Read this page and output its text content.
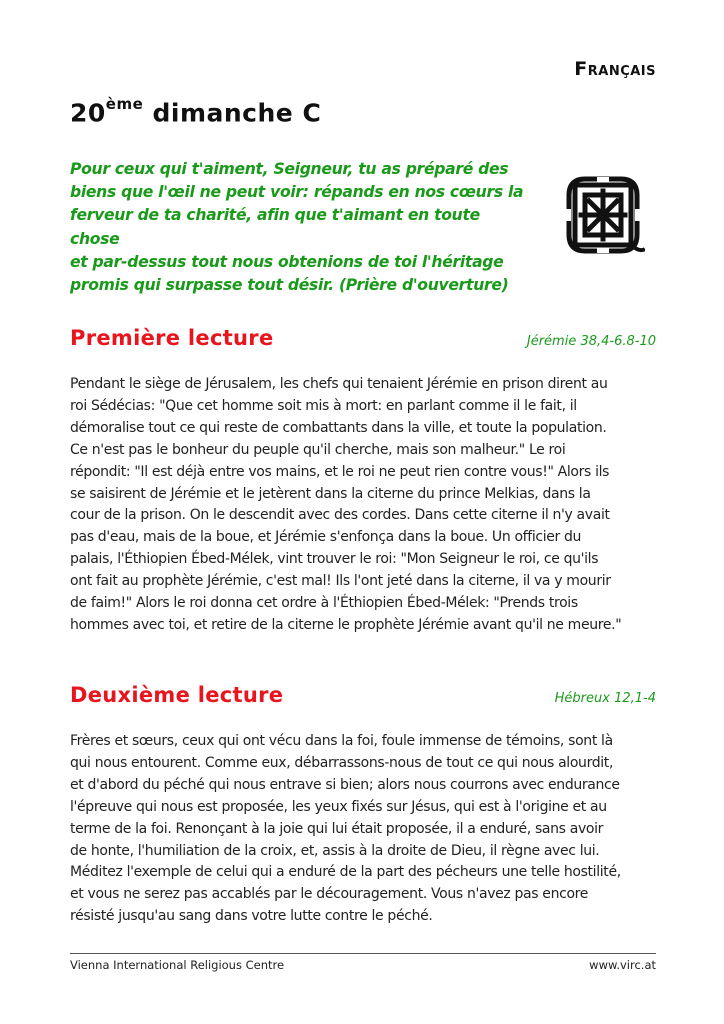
Français
20ème dimanche C

Pour ceux qui t'aiment, Seigneur, tu as préparé des
biens que l'œil ne peut voir: répands en nos cœurs la
ferveur de ta charité, afin que t'aimant en toute chose
et par-dessus tout nous obtenions de toi l'héritage
promis qui surpasse tout désir. (Prière d'ouverture)

Première lecture	Jérémie 38,4-6.8-10
Pendant le siège de Jérusalem, les chefs qui tenaient Jérémie en prison dirent au
roi Sédécias: "Que cet homme soit mis à mort: en parlant comme il le fait, il
démoralise tout ce qui reste de combattants dans la ville, et toute la population.
Ce n'est pas le bonheur du peuple qu'il cherche, mais son malheur." Le roi
répondit: "Il est déjà entre vos mains, et le roi ne peut rien contre vous!" Alors ils
se saisirent de Jérémie et le jetèrent dans la citerne du prince Melkias, dans la
cour de la prison. On le descendit avec des cordes. Dans cette citerne il n'y avait
pas d'eau, mais de la boue, et Jérémie s'enfonça dans la boue. Un officier du
palais, l'Éthiopien Ébed-Mélek, vint trouver le roi: "Mon Seigneur le roi, ce qu'ils
ont fait au prophète Jérémie, c'est mal! Ils l'ont jeté dans la citerne, il va y mourir
de faim!" Alors le roi donna cet ordre à l'Éthiopien Ébed-Mélek: "Prends trois
hommes avec toi, et retire de la citerne le prophète Jérémie avant qu'il ne meure."
Deuxième lecture	Hébreux 12,1-4
Frères et sœurs, ceux qui ont vécu dans la foi, foule immense de témoins, sont là
qui nous entourent. Comme eux, débarrassons-nous de tout ce qui nous alourdit,
et d'abord du péché qui nous entrave si bien; alors nous courrons avec endurance
l'épreuve qui nous est proposée, les yeux fixés sur Jésus, qui est à l'origine et au
terme de la foi. Renonçant à la joie qui lui était proposée, il a enduré, sans avoir
de honte, l'humiliation de la croix, et, assis à la droite de Dieu, il règne avec lui.
Méditez l'exemple de celui qui a enduré de la part des pécheurs une telle hostilité,
et vous ne serez pas accablés par le découragement. Vous n'avez pas encore
résisté jusqu'au sang dans votre lutte contre le péché.
Vienna International Religious Centre	www.virc.at
